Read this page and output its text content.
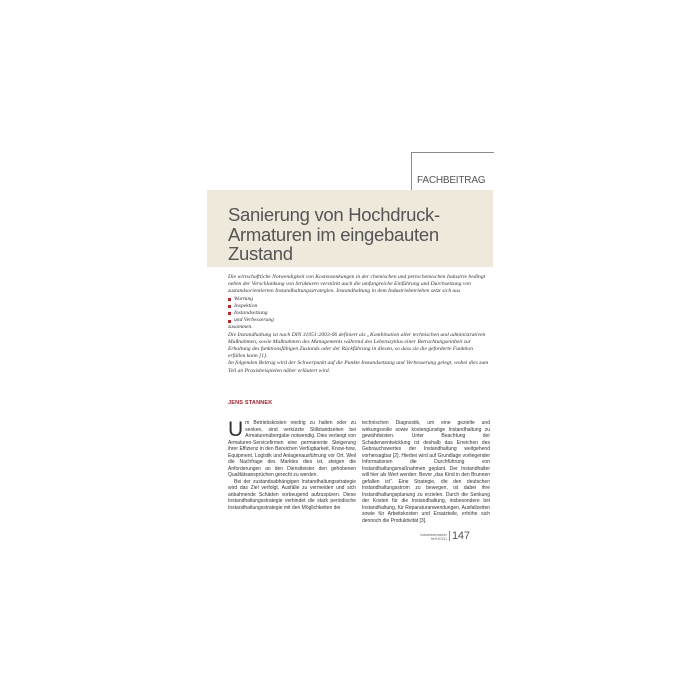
FACHBEITRAG
Sanierung von Hochdruck-
Armaturen im eingebauten
Zustand

Die wirtschaftliche Notwendigkeit von Kostensenkungen in der chemischen und petrochemischen Industrie bedingt neben der Verschlankung von Strukturen verstärkt auch die umfangreiche Einführung und Durchsetzung von zustandsorientierten Instandhaltungsstrategien. Instandhaltung in dem Industriebetrieben setzt sich aus

Wartung
Inspektion
Instandsetzung
und Verbesserung

zusammen.

Die Instandhaltung ist nach DIN 31051:2003-06 definiert als „Kombination aller technischen und administrativen Maßnahmen, sowie Maßnahmen des Managements während des Lebenszyklus einer Betrachtungseinheit zur Erhaltung des funktionsfähigen Zustands oder der Rückführung in diesen, so dass sie die geforderte Funktion erfüllen kann [1].

Im folgenden Beitrag wird der Schwerpunkt auf die Punkte Instandsetzung und Verbesserung gelegt, wobei dies zum Teil an Praxisbeispielen näher erläutert wird.

JENS STANNEK
U m Betriebskosten niedrig zu halten oder zu senken, sind verkürzte Stillstandzeiten bei Armaturenübergabe notwendig. Dies verlangt von Armaturen-Servicefirmen eine permanente Steigerung ihrer Effizienz in den Bereichen Verfügbarkeit, Know-how, Equipment, Logistik und Anlagenausführung vor Ort. Weil die Nachfrage des Marktes dies ist, steigen die Anforderungen an den Dienstleister den gehobenen Qualitätsansprüchen gerecht zu werden.

Bei der zustandsabhängigen Instandhaltungsstrategie wird das Ziel verfolgt, Ausfälle zu vermeiden und sich anbahnende Schäden vorbeugend aufzuspüren. Diese Instandhaltungsstrategie verbindet die stark periodische Instandhaltungsstrategie mit den Möglichkeiten der

technischen Diagnostik, um eine gezielte und wirkungsvolle sowie kostengünstige Instandhaltung zu gewährleisten. Unter Beachtung der Schadensentwicklung ist deshalb das Erreichen des Gebrauchswertes der Instandhaltung weitgehend vorhersagbar [2]. Hierbei wird auf Grundlage vorliegender Informationen die Durchführung von Instandhaltungsmaßnahmen geplant. Der Instandhalter will hier als Wert werden: Bevor „das Kind in den Brunnen gefallen ist“. Eine Strategie, die den deutschen Instandhaltungsstrom zu bewegen, ist dabei ihre Instandhaltungsplanung zu erzielen. Durch die Senkung der Kosten für die Instandhaltung, insbesondere bei Instandhaltung, für Reparaturanwendungen, Ausfallzeiten sowie für Arbeitskosten und Ersatzteile, erhöhe sich dennoch die Produktivität [3].

Industriearmaturen
Heft 3/2011 147
